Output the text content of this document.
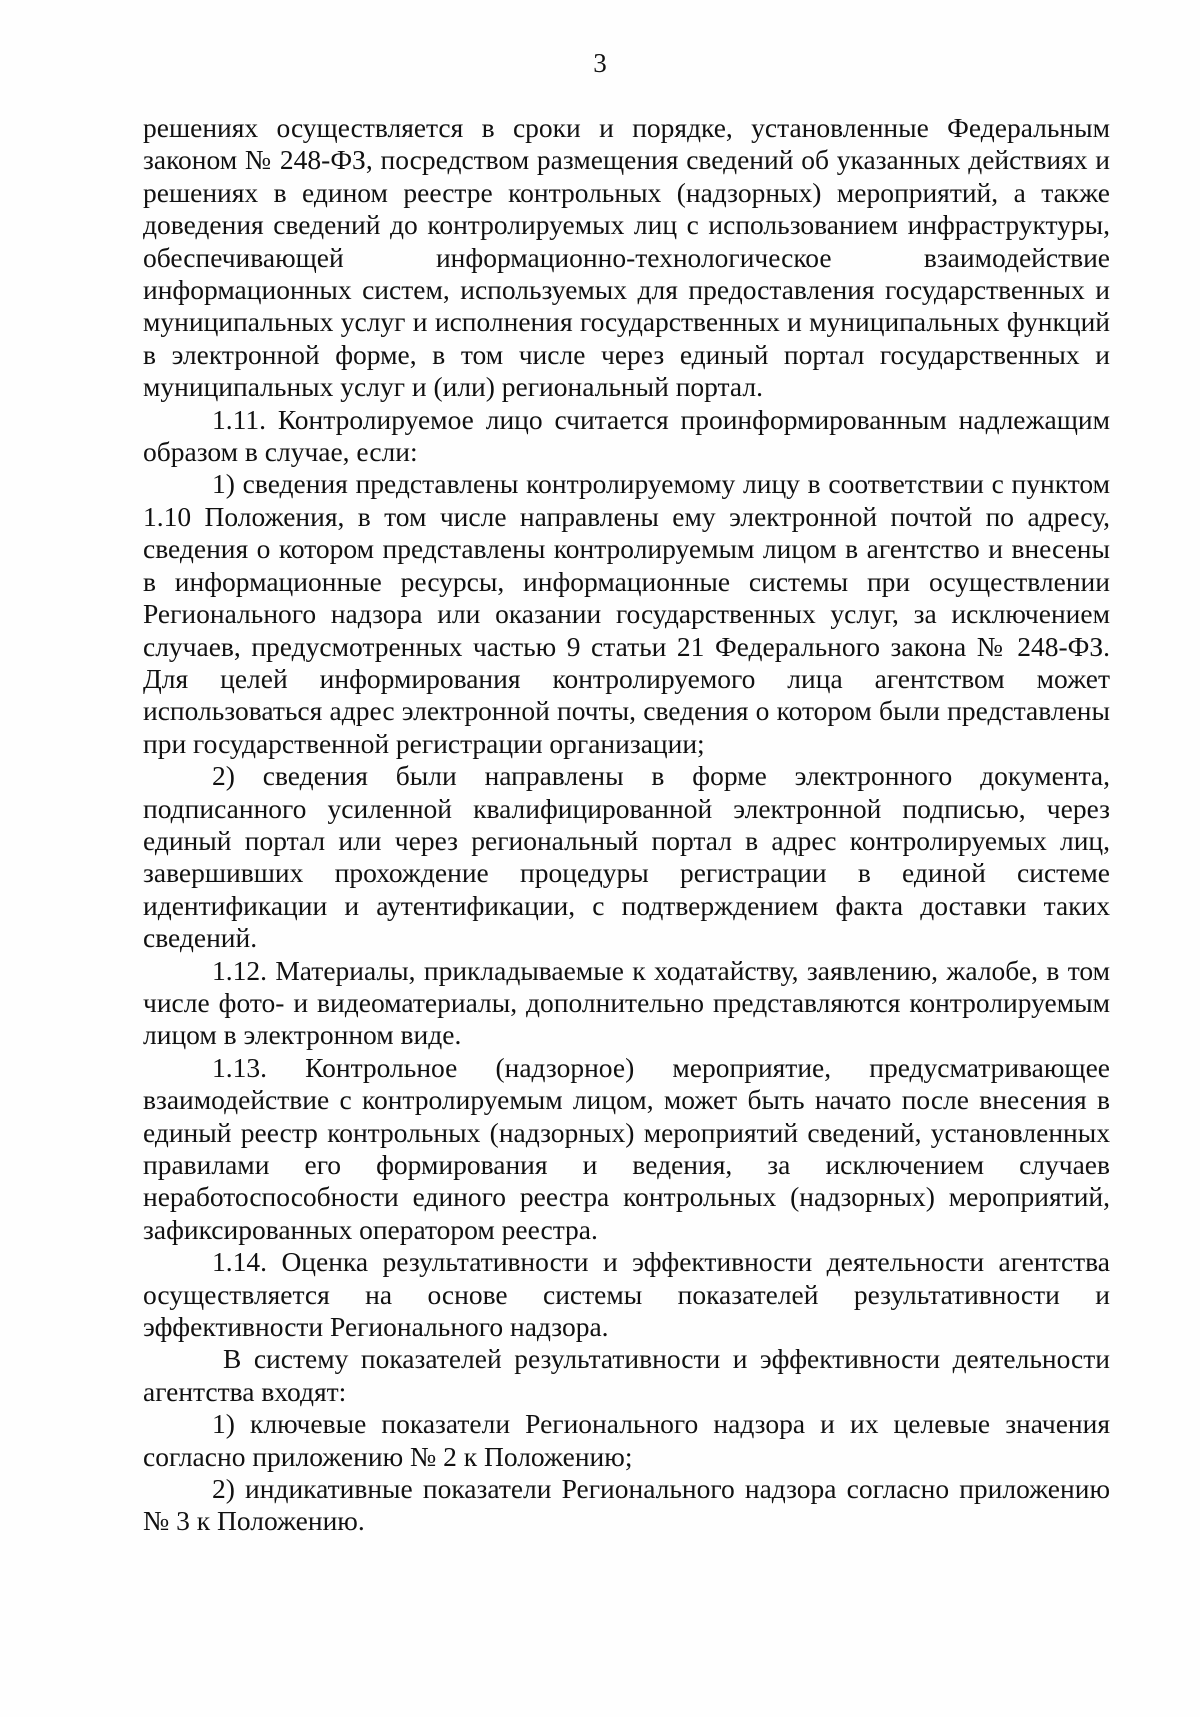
3

решениях осуществляется в сроки и порядке, установленные Федеральным законом № 248-ФЗ, посредством размещения сведений об указанных действиях и решениях в едином реестре контрольных (надзорных) мероприятий, а также доведения сведений до контролируемых лиц с использованием инфраструктуры, обеспечивающей информационно-технологическое взаимодействие информационных систем, используемых для предоставления государственных и муниципальных услуг и исполнения государственных и муниципальных функций в электронной форме, в том числе через единый портал государственных и муниципальных услуг и (или) региональный портал.

1.11. Контролируемое лицо считается проинформированным надлежащим образом в случае, если:

1) сведения представлены контролируемому лицу в соответствии с пунктом 1.10 Положения, в том числе направлены ему электронной почтой по адресу, сведения о котором представлены контролируемым лицом в агентство и внесены в информационные ресурсы, информационные системы при осуществлении Регионального надзора или оказании государственных услуг, за исключением случаев, предусмотренных частью 9 статьи 21 Федерального закона № 248-ФЗ. Для целей информирования контролируемого лица агентством может использоваться адрес электронной почты, сведения о котором были представлены при государственной регистрации организации;

2) сведения были направлены в форме электронного документа, подписанного усиленной квалифицированной электронной подписью, через единый портал или через региональный портал в адрес контролируемых лиц, завершивших прохождение процедуры регистрации в единой системе идентификации и аутентификации, с подтверждением факта доставки таких сведений.

1.12. Материалы, прикладываемые к ходатайству, заявлению, жалобе, в том числе фото- и видеоматериалы, дополнительно представляются контролируемым лицом в электронном виде.

1.13. Контрольное (надзорное) мероприятие, предусматривающее взаимодействие с контролируемым лицом, может быть начато после внесения в единый реестр контрольных (надзорных) мероприятий сведений, установленных правилами его формирования и ведения, за исключением случаев неработоспособности единого реестра контрольных (надзорных) мероприятий, зафиксированных оператором реестра.

1.14. Оценка результативности и эффективности деятельности агентства осуществляется на основе системы показателей результативности и эффективности Регионального надзора.

В систему показателей результативности и эффективности деятельности агентства входят:

1) ключевые показатели Регионального надзора и их целевые значения согласно приложению № 2 к Положению;

2) индикативные показатели Регионального надзора согласно приложению № 3 к Положению.
